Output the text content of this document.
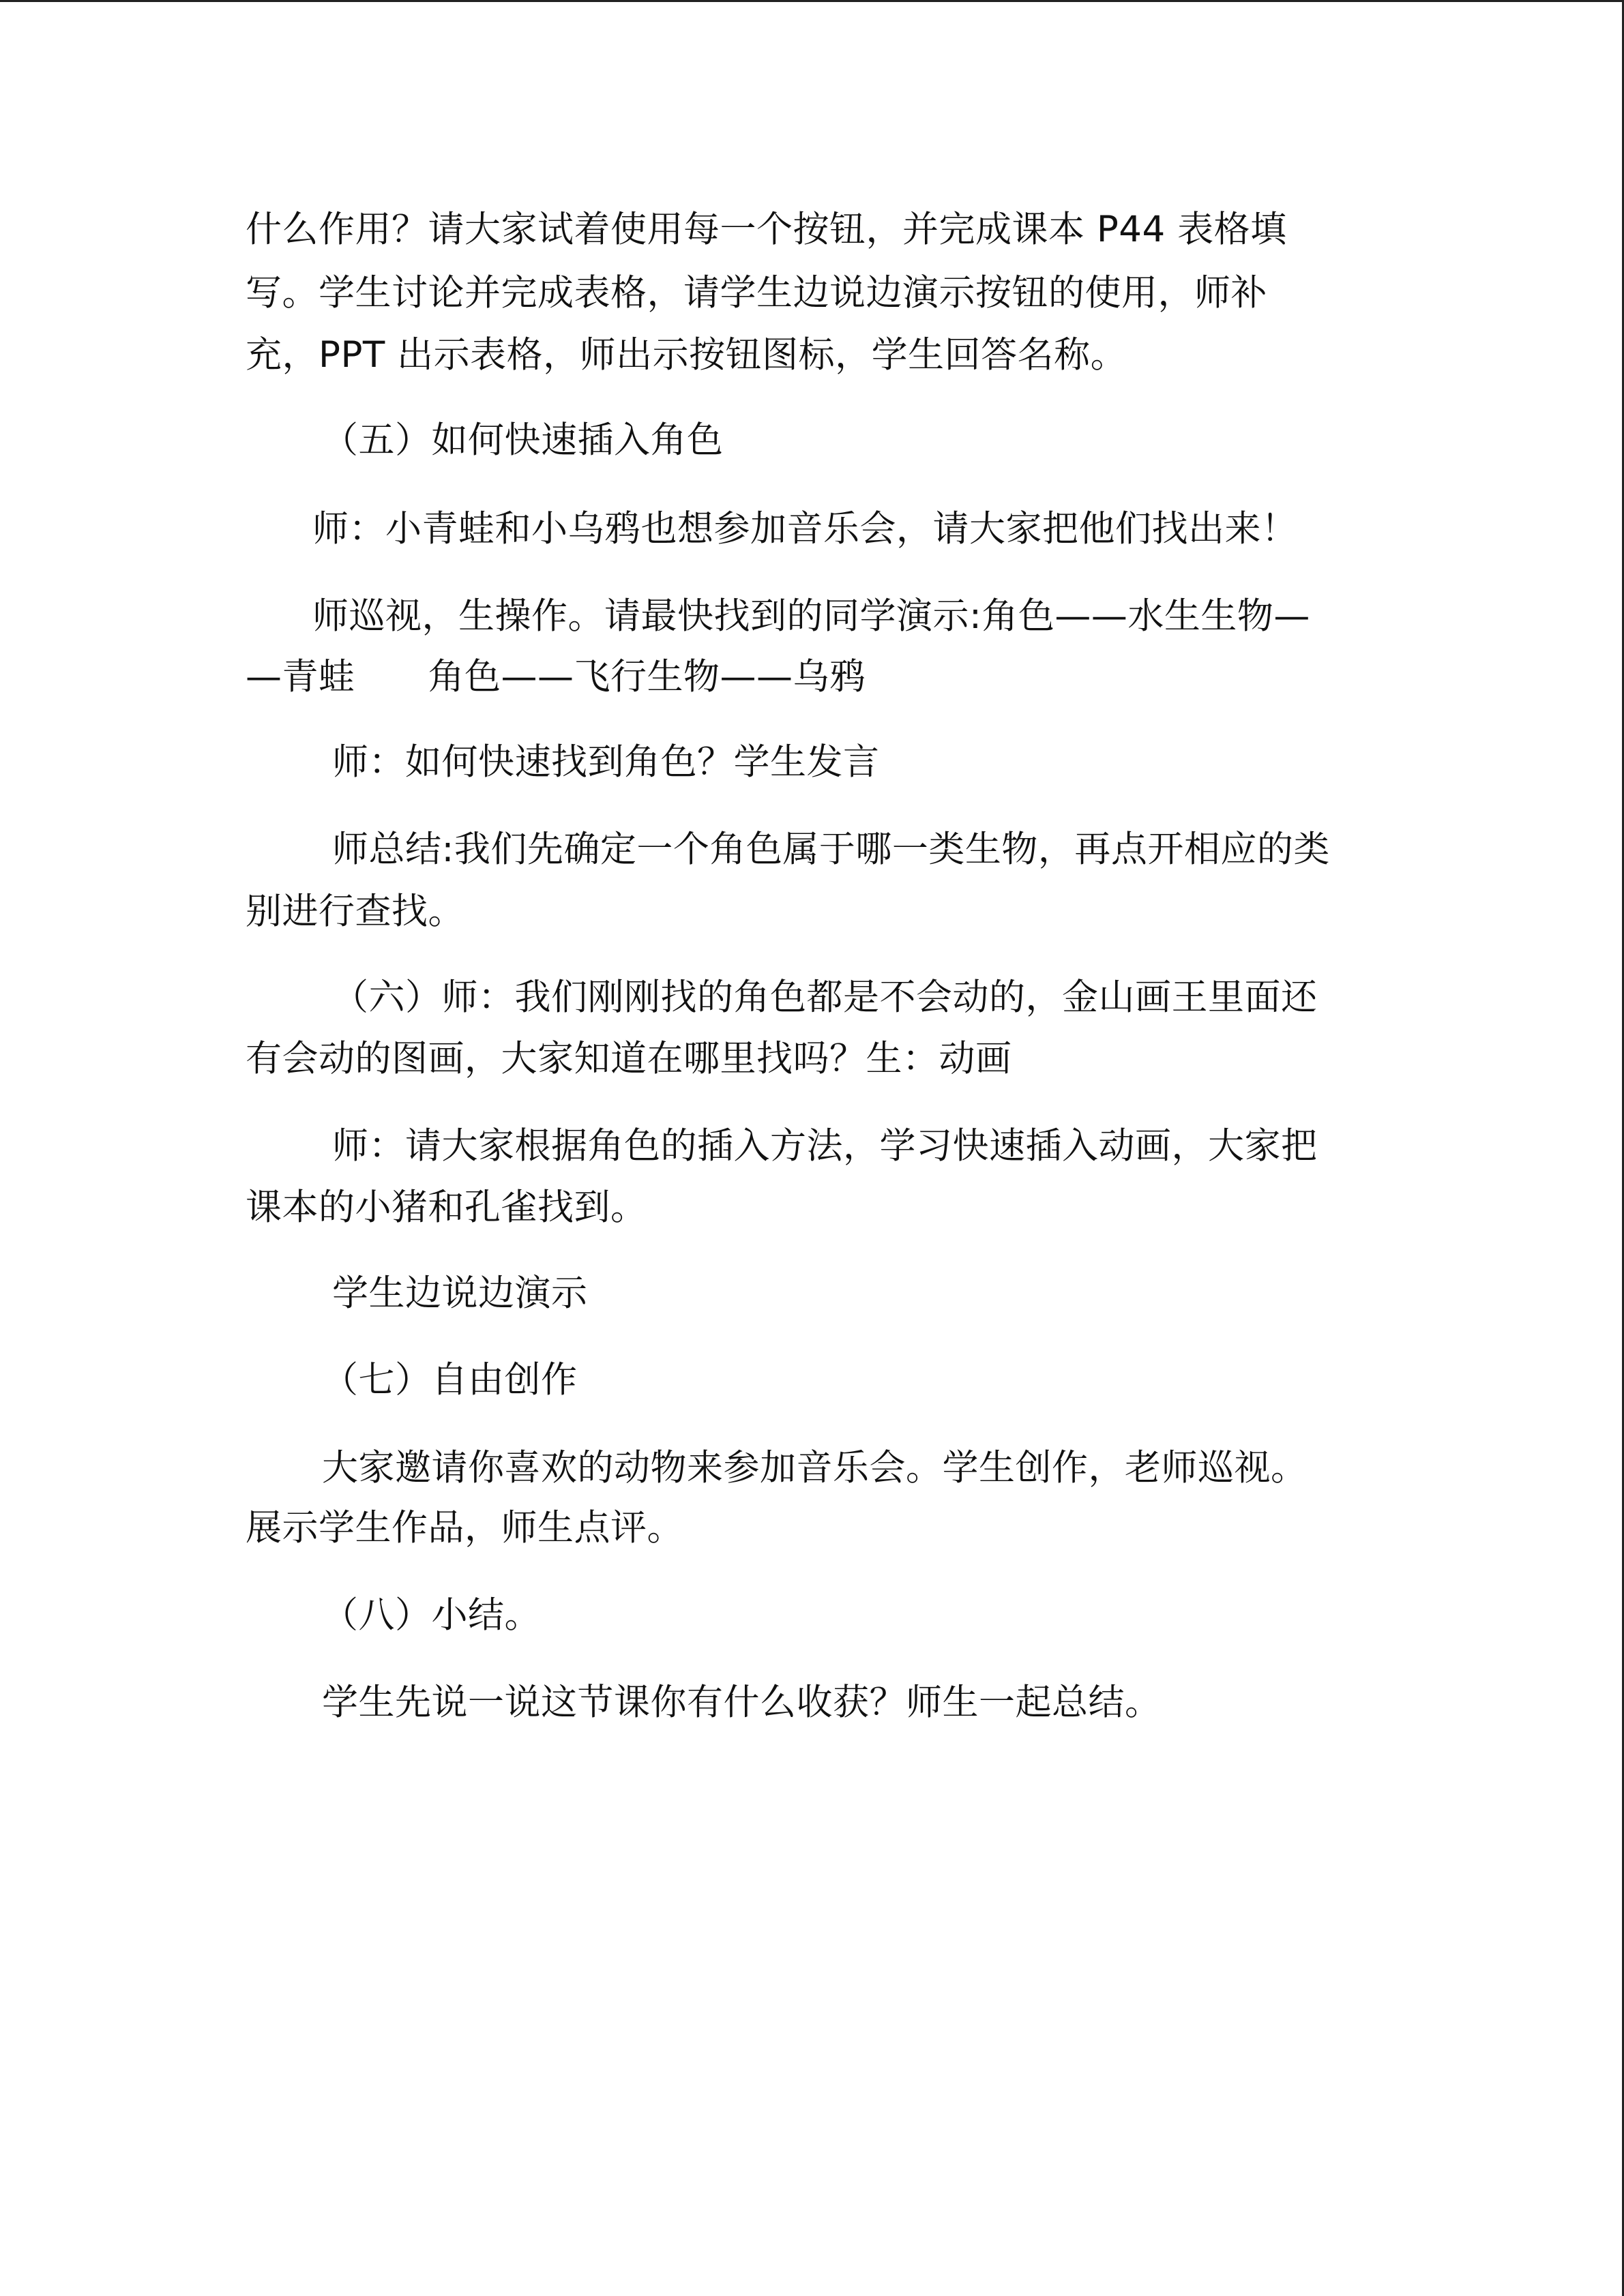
什么作用？请大家试着使用每一个按钮，并完成课本 P44 表格填
写。学生讨论并完成表格，请学生边说边演示按钮的使用，师补
充，PPT 出示表格，师出示按钮图标，学生回答名称。
（五）如何快速插入角色
师：小青蛙和小乌鸦也想参加音乐会，请大家把他们找出来！
师巡视，生操作。请最快找到的同学演示:角色——水生生物—
—青蛙　　角色——飞行生物——乌鸦
师：如何快速找到角色？学生发言
师总结:我们先确定一个角色属于哪一类生物，再点开相应的类
别进行查找。
（六）师：我们刚刚找的角色都是不会动的，金山画王里面还
有会动的图画，大家知道在哪里找吗？生：动画
师：请大家根据角色的插入方法，学习快速插入动画，大家把
课本的小猪和孔雀找到。
学生边说边演示
（七）自由创作
大家邀请你喜欢的动物来参加音乐会。学生创作，老师巡视。
展示学生作品，师生点评。
（八）小结。
学生先说一说这节课你有什么收获？师生一起总结。
